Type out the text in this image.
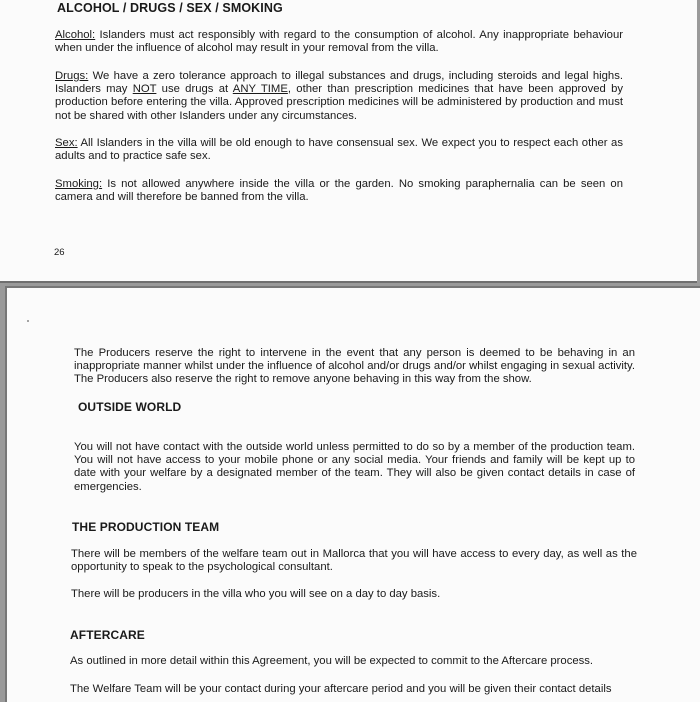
ALCOHOL / DRUGS / SEX / SMOKING

Alcohol: Islanders must act responsibly with regard to the consumption of alcohol. Any inappropriate behaviour when under the influence of alcohol may result in your removal from the villa.

Drugs: We have a zero tolerance approach to illegal substances and drugs, including steroids and legal highs. Islanders may NOT use drugs at ANY TIME, other than prescription medicines that have been approved by production before entering the villa. Approved prescription medicines will be administered by production and must not be shared with other Islanders under any circumstances.

Sex: All Islanders in the villa will be old enough to have consensual sex. We expect you to respect each other as adults and to practice safe sex.

Smoking: Is not allowed anywhere inside the villa or the garden. No smoking paraphernalia can be seen on camera and will therefore be banned from the villa.

26

The Producers reserve the right to intervene in the event that any person is deemed to be behaving in an inappropriate manner whilst under the influence of alcohol and/or drugs and/or whilst engaging in sexual activity. The Producers also reserve the right to remove anyone behaving in this way from the show.

OUTSIDE WORLD

You will not have contact with the outside world unless permitted to do so by a member of the production team. You will not have access to your mobile phone or any social media. Your friends and family will be kept up to date with your welfare by a designated member of the team. They will also be given contact details in case of emergencies.

THE PRODUCTION TEAM

There will be members of the welfare team out in Mallorca that you will have access to every day, as well as the opportunity to speak to the psychological consultant.

There will be producers in the villa who you will see on a day to day basis.

AFTERCARE

As outlined in more detail within this Agreement, you will be expected to commit to the Aftercare process.

The Welfare Team will be your contact during your aftercare period and you will be given their contact details
